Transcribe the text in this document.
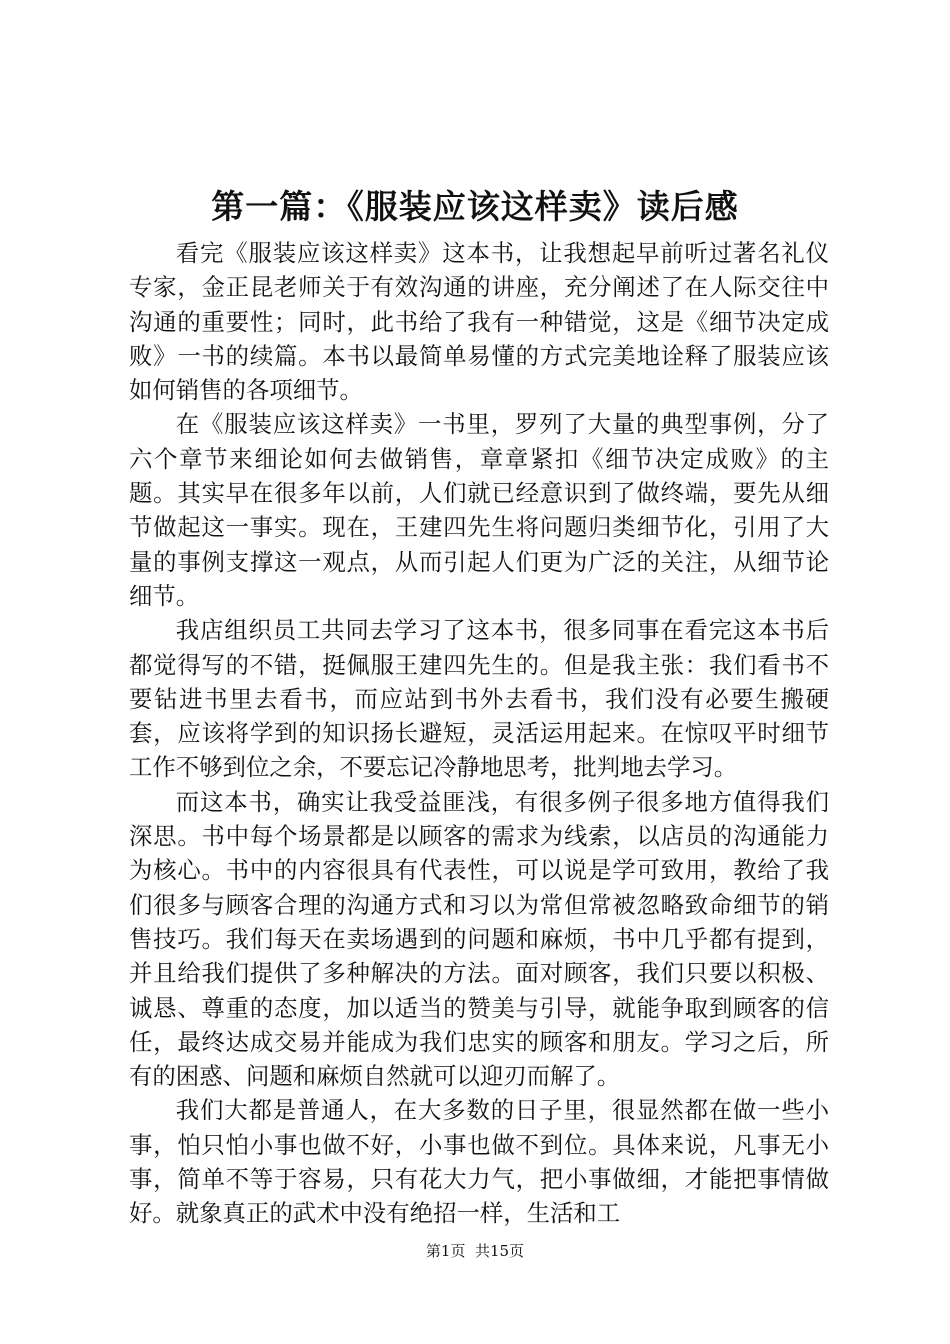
第一篇：《服装应该这样卖》读后感

看完《服装应该这样卖》这本书，让我想起早前听过著名礼仪专家，金正昆老师关于有效沟通的讲座，充分阐述了在人际交往中沟通的重要性；同时，此书给了我有一种错觉，这是《细节决定成败》一书的续篇。本书以最简单易懂的方式完美地诠释了服装应该如何销售的各项细节。

在《服装应该这样卖》一书里，罗列了大量的典型事例，分了六个章节来细论如何去做销售，章章紧扣《细节决定成败》的主题。其实早在很多年以前，人们就已经意识到了做终端，要先从细节做起这一事实。现在，王建四先生将问题归类细节化，引用了大量的事例支撑这一观点，从而引起人们更为广泛的关注，从细节论细节。

我店组织员工共同去学习了这本书，很多同事在看完这本书后都觉得写的不错，挺佩服王建四先生的。但是我主张：我们看书不要钻进书里去看书，而应站到书外去看书，我们没有必要生搬硬套，应该将学到的知识扬长避短，灵活运用起来。在惊叹平时细节工作不够到位之余，不要忘记冷静地思考，批判地去学习。

而这本书，确实让我受益匪浅，有很多例子很多地方值得我们深思。书中每个场景都是以顾客的需求为线索，以店员的沟通能力为核心。书中的内容很具有代表性，可以说是学可致用，教给了我们很多与顾客合理的沟通方式和习以为常但常被忽略致命细节的销售技巧。我们每天在卖场遇到的问题和麻烦，书中几乎都有提到，并且给我们提供了多种解决的方法。面对顾客，我们只要以积极、诚恳、尊重的态度，加以适当的赞美与引导，就能争取到顾客的信任，最终达成交易并能成为我们忠实的顾客和朋友。学习之后，所有的困惑、问题和麻烦自然就可以迎刃而解了。

我们大都是普通人，在大多数的日子里，很显然都在做一些小事，怕只怕小事也做不好，小事也做不到位。具体来说，凡事无小事，简单不等于容易，只有花大力气，把小事做细，才能把事情做好。就象真正的武术中没有绝招一样，生活和工

第1页  共15页
